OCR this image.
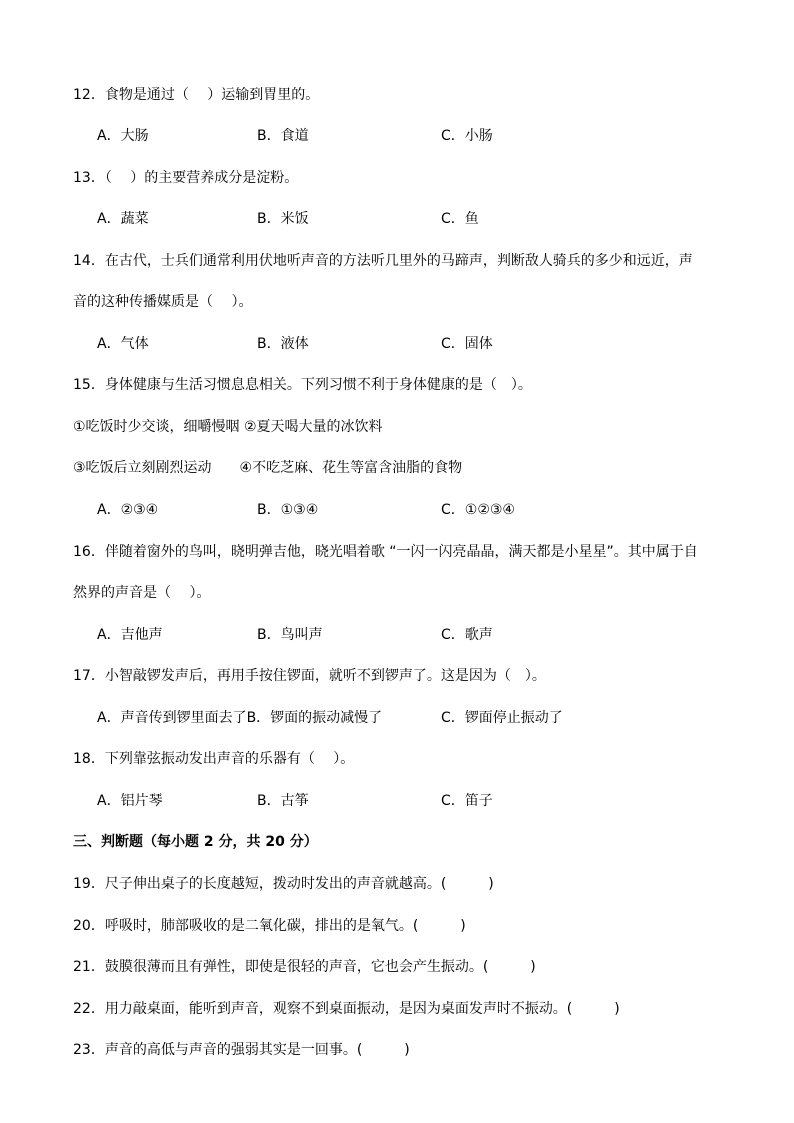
12．食物是通过（　 ）运输到胃里的。
A．大肠	B．食道	C．小肠
13．（　 ）的主要营养成分是淀粉。
A．蔬菜	B．米饭	C．鱼
14．在古代，士兵们通常利用伏地听声音的方法听几里外的马蹄声，判断敌人骑兵的多少和远近，声
音的这种传播媒质是（　 ）。
A．气体	B．液体	C．固体
15．身体健康与生活习惯息息相关。下列习惯不利于身体健康的是（　）。
①吃饭时少交谈，细嚼慢咽 ②夏天喝大量的冰饮料
③吃饭后立刻剧烈运动　　④不吃芝麻、花生等富含油脂的食物
A．②③④	B．①③④	C．①②③④
16．伴随着窗外的鸟叫，晓明弹吉他，晓光唱着歌 “一闪一闪亮晶晶，满天都是小星星”。其中属于自
然界的声音是（　 ）。
A．吉他声	B．鸟叫声	C．歌声
17．小智敲锣发声后，再用手按住锣面，就听不到锣声了。这是因为（　）。
A．声音传到锣里面去了B．锣面的振动减慢了	C．锣面停止振动了
18．下列靠弦振动发出声音的乐器有（　 ）。
A．铝片琴	B．古筝	C．笛子
三、判断题（每小题 2 分，共 20 分）
19．尺子伸出桌子的长度越短，拨动时发出的声音就越高。(　　　)
20．呼吸时，肺部吸收的是二氧化碳，排出的是氧气。(　　　)
21．鼓膜很薄而且有弹性，即使是很轻的声音，它也会产生振动。(　　　)
22．用力敲桌面，能听到声音，观察不到桌面振动，是因为桌面发声时不振动。(　　　)
23．声音的高低与声音的强弱其实是一回事。(　　　)
